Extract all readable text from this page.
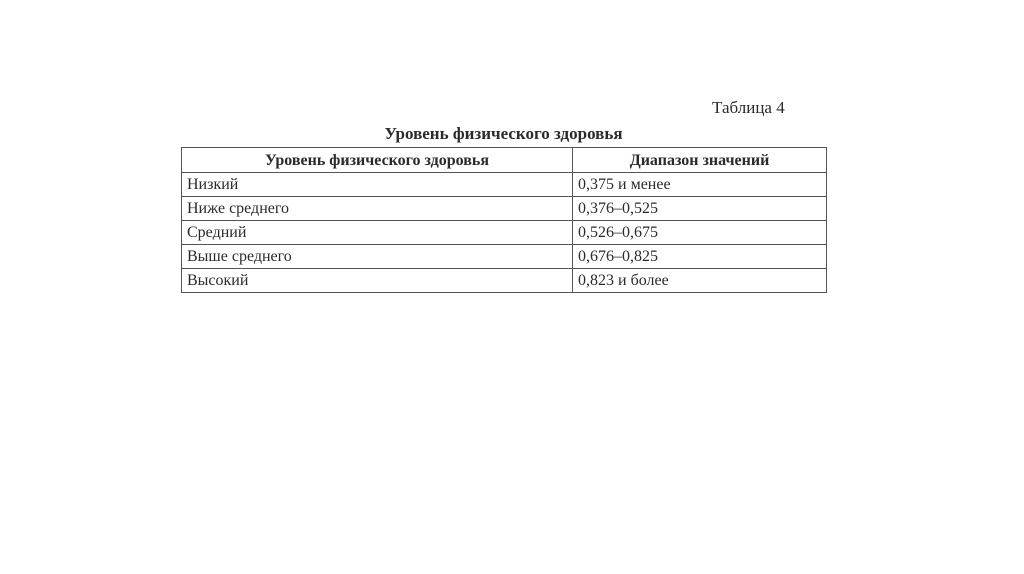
Таблица 4
Уровень физического здоровья
Уровень физического здоровья	Диапазон значений
Низкий	0,375 и менее
Ниже среднего	0,376–0,525
Средний	0,526–0,675
Выше среднего	0,676–0,825
Высокий	0,823 и более
